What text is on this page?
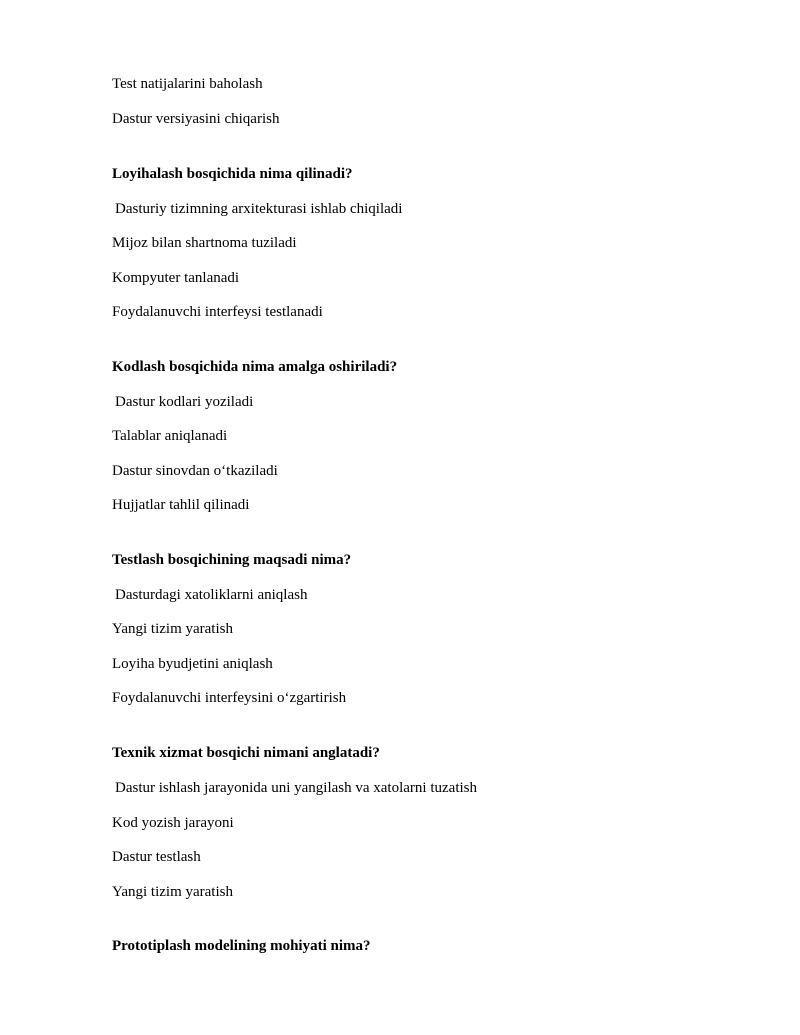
Test natijalarini baholash
Dastur versiyasini chiqarish
Loyihalash bosqichida nima qilinadi?
Dasturiy tizimning arxitekturasi ishlab chiqiladi
Mijoz bilan shartnoma tuziladi
Kompyuter tanlanadi
Foydalanuvchi interfeysi testlanadi
Kodlash bosqichida nima amalga oshiriladi?
Dastur kodlari yoziladi
Talablar aniqlanadi
Dastur sinovdan oʻtkaziladi
Hujjatlar tahlil qilinadi
Testlash bosqichining maqsadi nima?
Dasturdagi xatoliklarni aniqlash
Yangi tizim yaratish
Loyiha byudjetini aniqlash
Foydalanuvchi interfeysini oʻzgartirish
Texnik xizmat bosqichi nimani anglatadi?
Dastur ishlash jarayonida uni yangilash va xatolarni tuzatish
Kod yozish jarayoni
Dastur testlash
Yangi tizim yaratish
Prototiplash modelining mohiyati nima?
